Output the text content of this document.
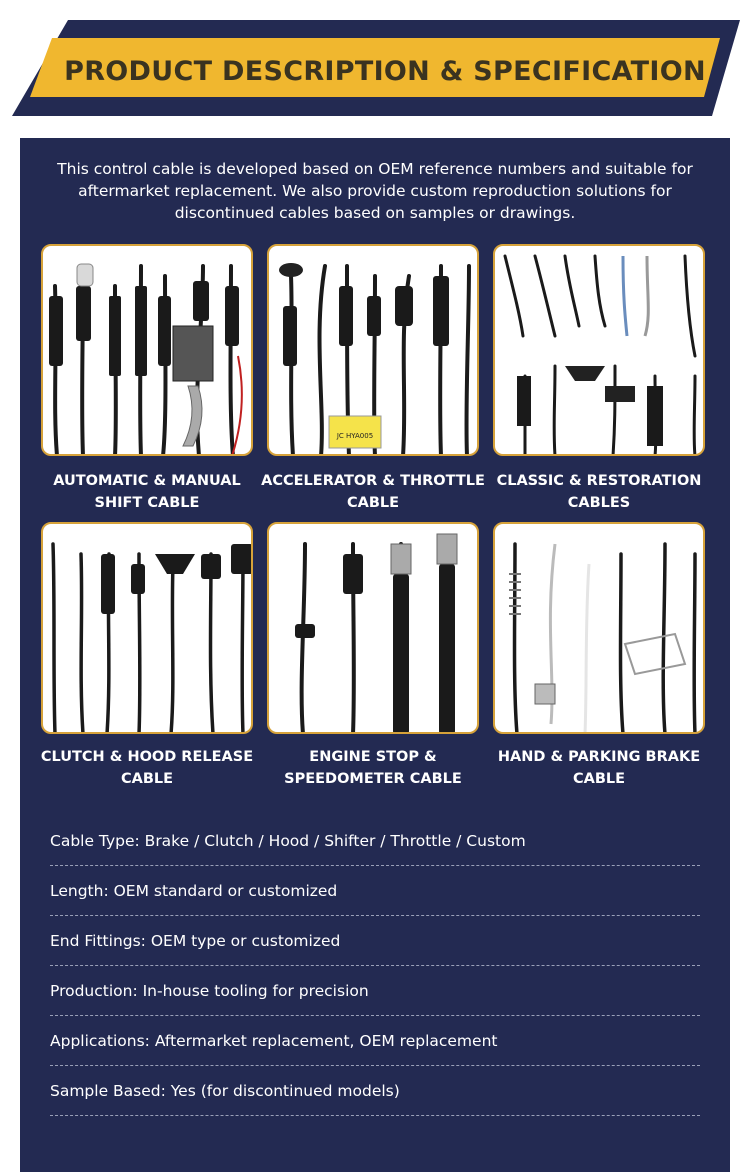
PRODUCT DESCRIPTION & SPECIFICATION
This control cable is developed based on OEM reference numbers and suitable for aftermarket replacement. We also provide custom reproduction solutions for discontinued cables based on samples or drawings.
AUTOMATIC & MANUAL
SHIFT CABLE
JC HYA005
ACCELERATOR & THROTTLE
CABLE
CLASSIC & RESTORATION
CABLES
CLUTCH & HOOD RELEASE
CABLE
ENGINE STOP &
SPEEDOMETER CABLE
HAND & PARKING BRAKE
CABLE
Cable Type: Brake / Clutch / Hood / Shifter / Throttle / Custom
Length: OEM standard or customized
End Fittings: OEM type or customized
Production: In-house tooling for precision
Applications: Aftermarket replacement, OEM replacement
Sample Based: Yes (for discontinued models)
